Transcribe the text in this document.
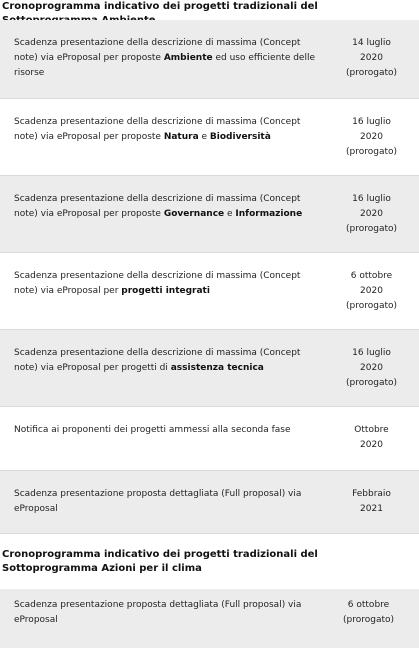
Cronoprogramma indicativo dei progetti tradizionali del
Scadenza presentazione della descrizione di massima (Concept note) via eProposal per proposte Ambiente ed uso efficiente delle risorse
14 luglio
2020
(prorogato)
Scadenza presentazione della descrizione di massima (Concept note) via eProposal per proposte Natura e Biodiversità
16 luglio
2020
(prorogato)
Scadenza presentazione della descrizione di massima (Concept note) via eProposal per proposte Governance e Informazione
16 luglio
2020
(prorogato)
Scadenza presentazione della descrizione di massima (Concept note) via eProposal per progetti integrati
6 ottobre
2020
(prorogato)
Scadenza presentazione della descrizione di massima (Concept note) via eProposal per progetti di assistenza tecnica
16 luglio
2020
(prorogato)
Notifica ai proponenti dei progetti ammessi alla seconda fase	Ottobre
2020
Scadenza presentazione proposta dettagliata (Full proposal) via eProposal
Febbraio
2021
Cronoprogramma indicativo dei progetti tradizionali del Sottoprogramma Azioni per il clima
Scadenza presentazione proposta dettagliata (Full proposal) via eProposal
6 ottobre
(prorogato)
